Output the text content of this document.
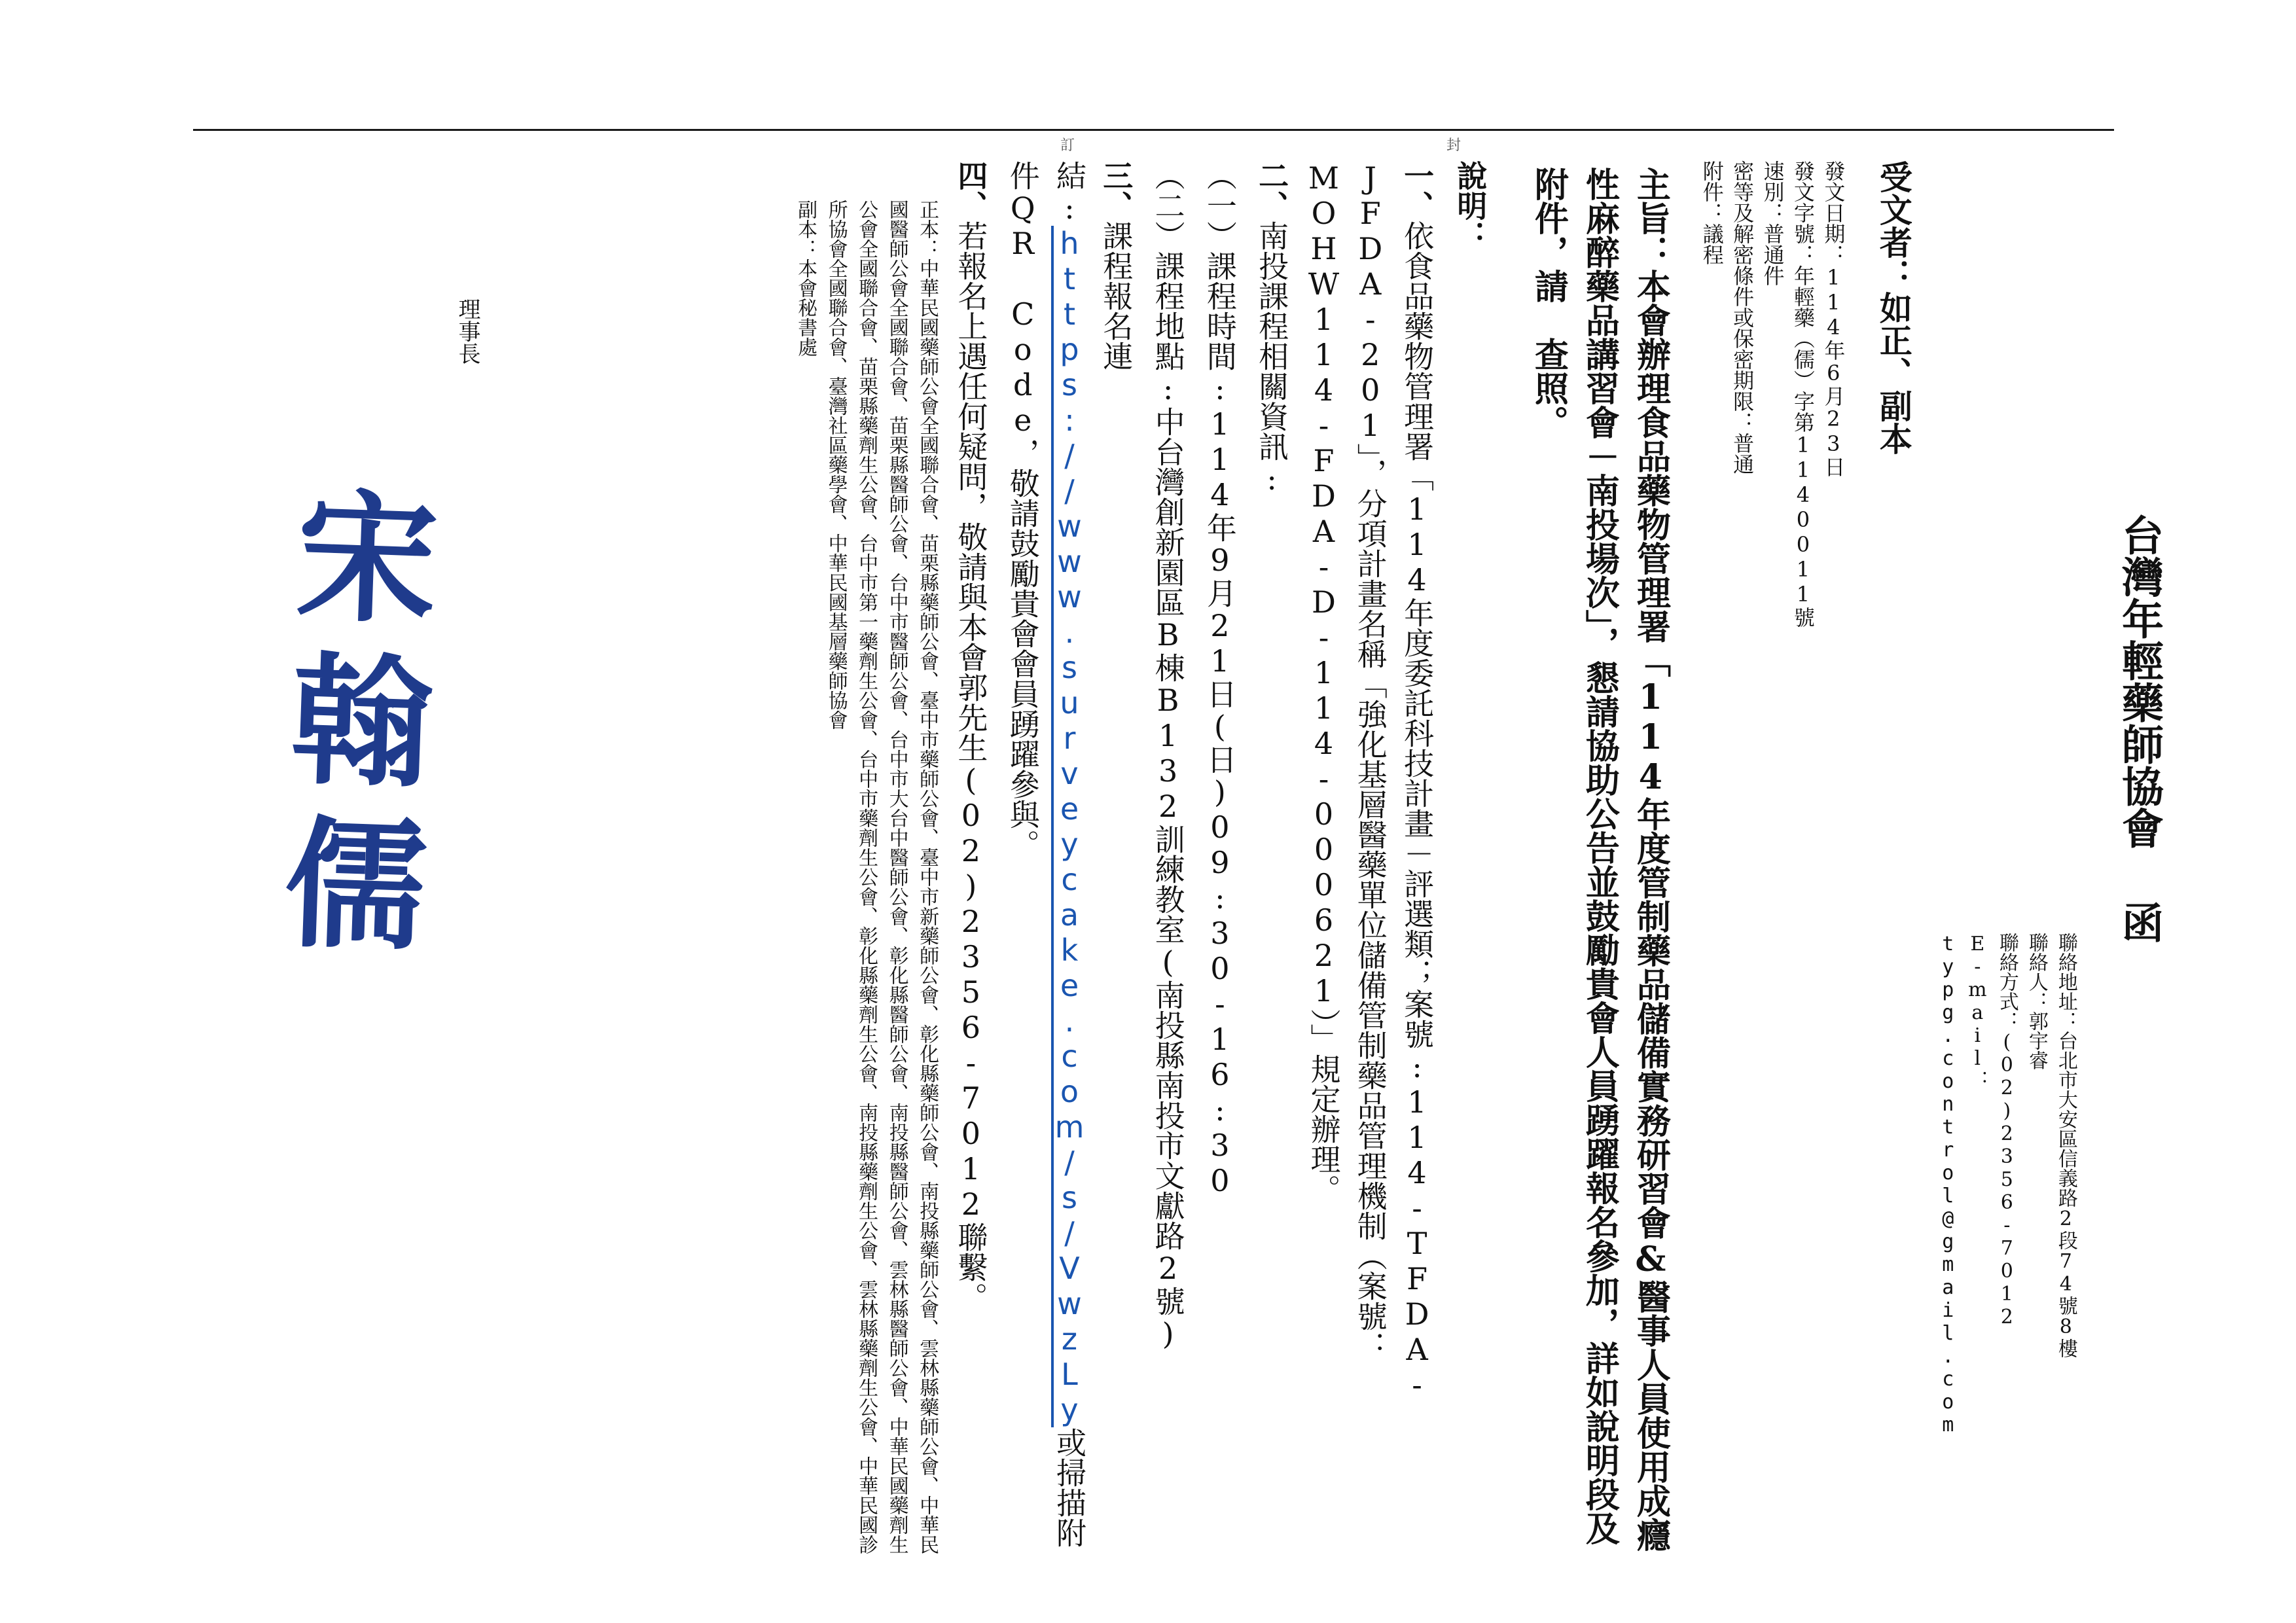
訂	封
台灣年輕藥師協會函
聯絡地址：台北市大安區信義路2段74號8樓
聯絡人：郭宇睿
聯絡方式：(02)2356-7012
E-mail：typg.control@gmail.com
受文者：如正、副本
發文日期：114年6月23日
發文字號：年輕藥（儒）字第1140011號
速別：普通件
密等及解密條件或保密期限：普通
附件：議程
主旨：本會辦理食品藥物管理署「114年度管制藥品儲備實務研習會&醫事人員使用成癮性麻醉藥品講習會－南投場次」，懇請協助公告並鼓勵貴會人員踴躍報名參加，詳如說明段及附件，請　查照。
說明：
一、依食品藥物管理署「114年度委託科技計畫－評選類；案號:114-TFDA-JFDA-201」，分項計畫名稱「強化基層醫藥單位儲備管制藥品管理機制（案號：MOHW114-FDA-D-114-000621）」規定辦理。
二、南投課程相關資訊:
（一）課程時間:114年9月21日(日)09:30-16:30
（二）課程地點:中台灣創新園區B棟B132訓練教室(南投縣南投市文獻路2號)
三、課程報名連結:https://www.surveycake.com/s/VwzLy或掃描附件QR Code，敬請鼓勵貴會會員踴躍參與。
四、若報名上遇任何疑問，敬請與本會郭先生(02)2356-7012聯繫。
正本：中華民國藥師公會全國聯合會、苗栗縣藥師公會、臺中市藥師公會、臺中市新藥師公會、彰化縣藥師公會、南投縣藥師公會、雲林縣藥師公會、中華民國醫師公會全國聯合會、苗栗縣醫師公會、台中市醫師公會、台中市大台中醫師公會、彰化縣醫師公會、南投縣醫師公會、雲林縣醫師公會、中華民國藥劑生公會全國聯合會、苗栗縣藥劑生公會、台中市第一藥劑生公會、台中市藥劑生公會、彰化縣藥劑生公會、南投縣藥劑生公會、雲林縣藥劑生公會、中華民國診所協會全國聯合會、臺灣社區藥學會、中華民國基層藥師協會
副本：本會秘書處
理事長
宋翰儒
